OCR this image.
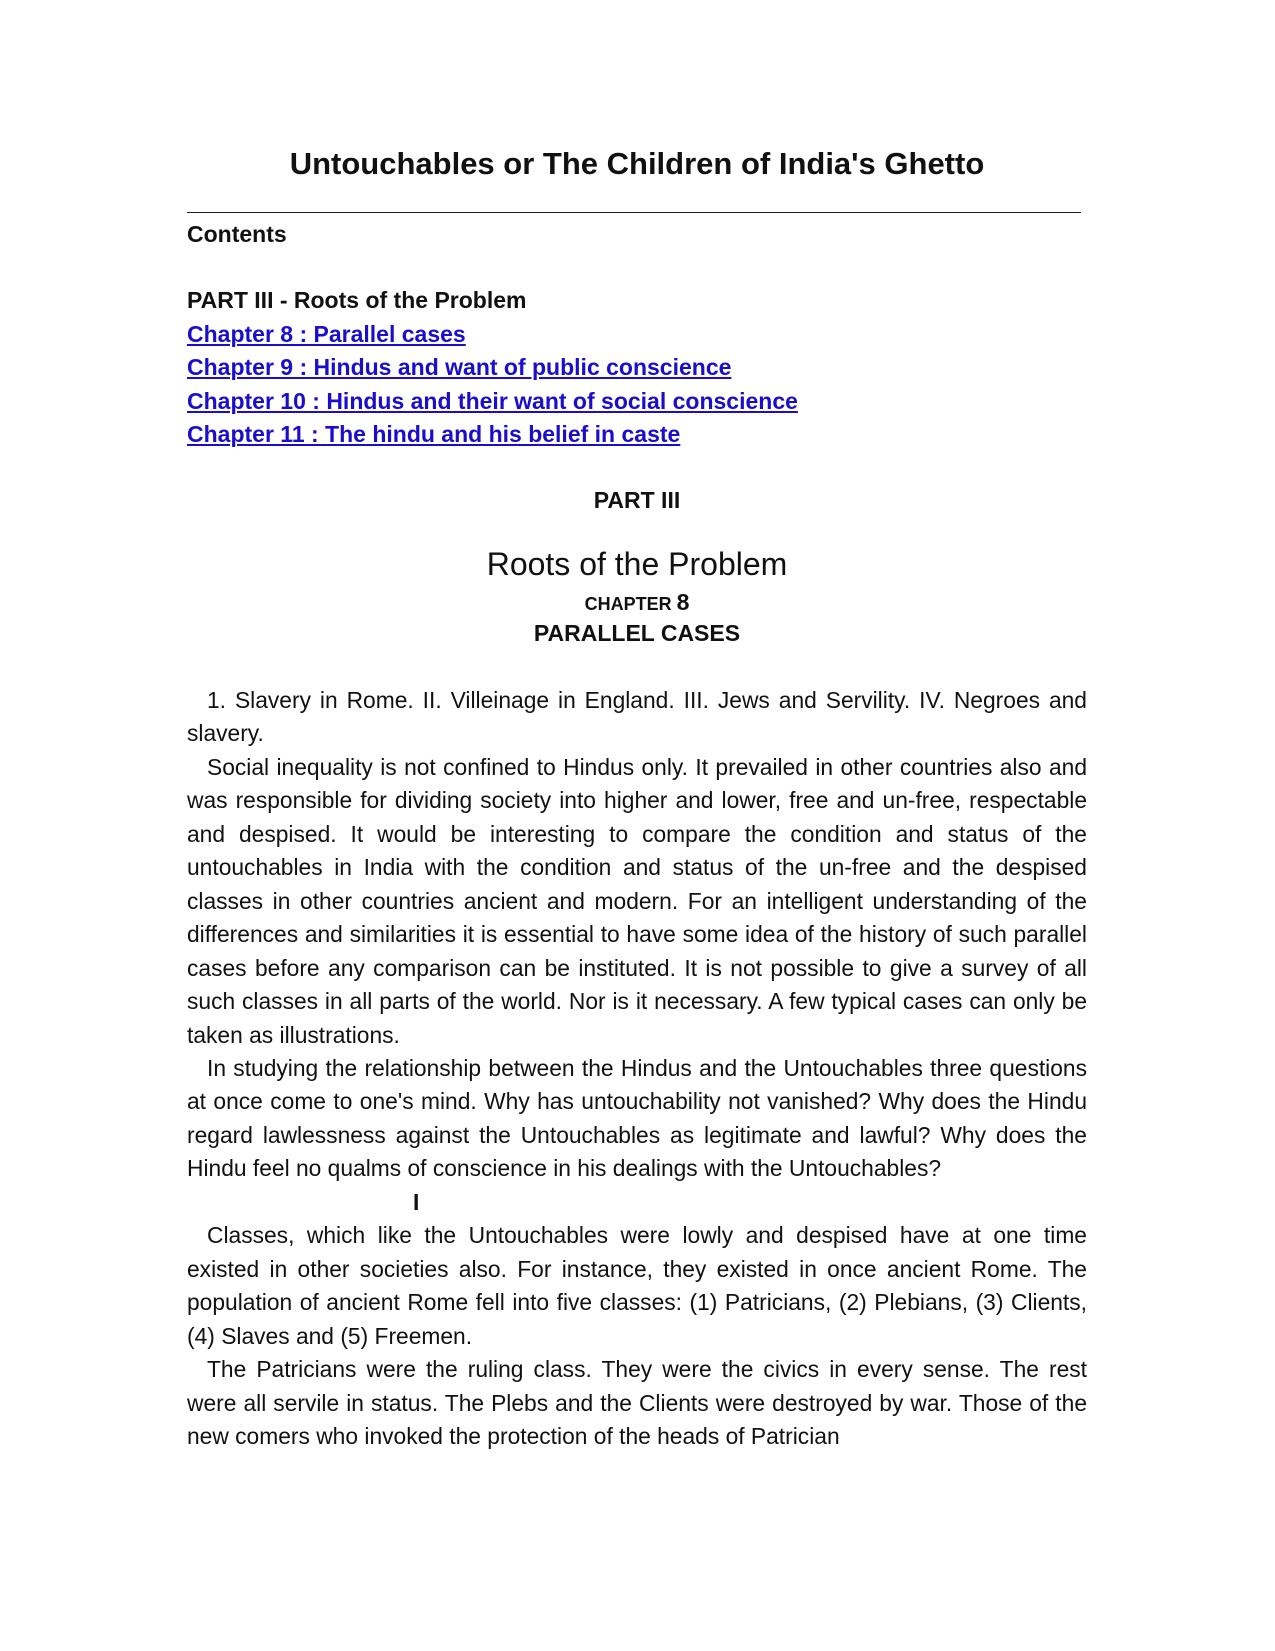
Untouchables or The Children of India's Ghetto
Contents
PART III - Roots of the Problem
Chapter 8 : Parallel cases
Chapter 9 : Hindus and want of public conscience
Chapter 10 : Hindus and their want of social conscience
Chapter 11 : The hindu and his belief in caste
PART III
Roots of the Problem
CHAPTER 8
PARALLEL CASES

1. Slavery in Rome. II. Villeinage in England. III. Jews and Servility. IV. Negroes and slavery.

Social inequality is not confined to Hindus only. It prevailed in other countries also and was responsible for dividing society into higher and lower, free and un-free, respectable and despised. It would be interesting to compare the condition and status of the untouchables in India with the condition and status of the un-free and the despised classes in other countries ancient and modern. For an intelligent understanding of the differences and similarities it is essential to have some idea of the history of such parallel cases before any comparison can be instituted. It is not possible to give a survey of all such classes in all parts of the world. Nor is it necessary. A few typical cases can only be taken as illustrations.

In studying the relationship between the Hindus and the Untouchables three questions at once come to one's mind. Why has untouchability not vanished? Why does the Hindu regard lawlessness against the Untouchables as legitimate and lawful? Why does the Hindu feel no qualms of conscience in his dealings with the Untouchables?

I

Classes, which like the Untouchables were lowly and despised have at one time existed in other societies also. For instance, they existed in once ancient Rome. The population of ancient Rome fell into five classes: (1) Patricians, (2) Plebians, (3) Clients, (4) Slaves and (5) Freemen.

The Patricians were the ruling class. They were the civics in every sense. The rest were all servile in status. The Plebs and the Clients were destroyed by war. Those of the new comers who invoked the protection of the heads of Patrician
